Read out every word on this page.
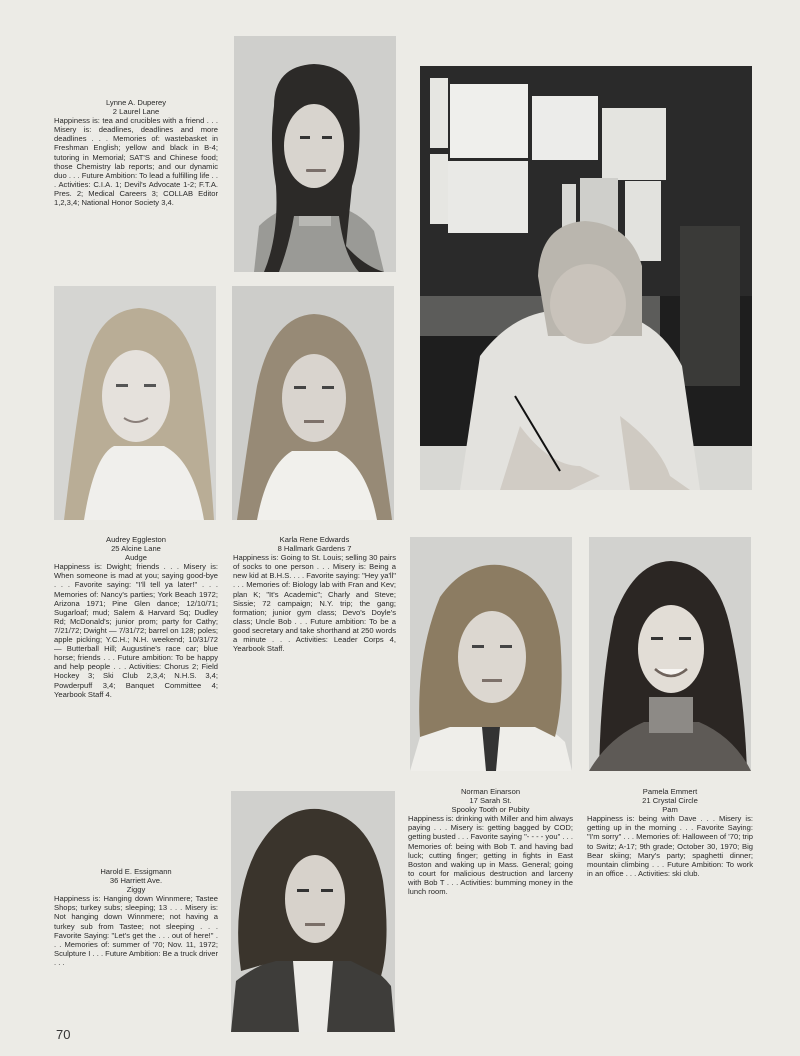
Lynne A. Duperey
2 Laurel Lane
Happiness is: tea and crucibles with a friend . . . Misery is: deadlines, deadlines and more deadlines . . . Memories of: wastebasket in Freshman English; yellow and black in B-4; tutoring in Memorial; SAT'S and Chinese food; those Chemistry lab reports; and our dynamic duo . . . Future Ambition: To lead a fulfilling life . . . Activities: C.I.A. 1; Devil's Advocate 1-2; F.T.A. Pres. 2; Medical Careers 3; COLLAB Editor 1,2,3,4; National Honor Society 3,4.
Audrey Eggleston
25 Alcine Lane
Audge
Happiness is: Dwight; friends . . . Misery is: When someone is mad at you; saying good-bye . . . Favorite saying: "I'll tell ya later!" . . . Memories of: Nancy's parties; York Beach 1972; Arizona 1971; Pine Glen dance; 12/10/71; Sugarloaf; mud; Salem & Harvard Sq; Dudley Rd; McDonald's; junior prom; party for Cathy; 7/21/72; Dwight — 7/31/72; barrel on 128; poles; apple picking; Y.C.H.; N.H. weekend; 10/31/72 — Butterball Hill; Augustine's race car; blue horse; friends . . . Future ambition: To be happy and help people . . . Activities: Chorus 2; Field Hockey 3; Ski Club 2,3,4; N.H.S. 3,4; Powderpuff 3,4; Banquet Committee 4; Yearbook Staff 4.
Karla Rene Edwards
8 Hallmark Gardens 7
Happiness is: Going to St. Louis; selling 30 pairs of socks to one person . . . Misery is: Being a new kid at B.H.S. . . . Favorite saying: "Hey ya'll" . . . Memories of: Biology lab with Fran and Kev; plan K; "It's Academic"; Charly and Steve; Sissie; 72 campaign; N.Y. trip; the gang; formation; junior gym class; Devo's Doyle's class; Uncle Bob . . . Future ambition: To be a good secretary and take shorthand at 250 words a minute . . . Activities: Leader Corps 4, Yearbook Staff.
Norman Einarson
17 Sarah St.
Spooky Tooth or Pubity
Happiness is: drinking with Miller and him always paying . . . Misery is: getting bagged by COD; getting busted . . . Favorite saying "- - - - you" . . . Memories of: being with Bob T. and having bad luck; cutting finger; getting in fights in East Boston and waking up in Mass. General; going to court for malicious destruction and larceny with Bob T . . . Activities: bumming money in the lunch room.
Pamela Emmert
21 Crystal Circle
Pam
Happiness is: being with Dave . . . Misery is: getting up in the morning . . . Favorite Saying: "I'm sorry" . . . Memories of: Halloween of '70; trip to Switz; A-17; 9th grade; October 30, 1970; Big Bear skiing; Mary's party; spaghetti dinner; mountain climbing . . . Future Ambition: To work in an office . . . Activities: ski club.
Harold E. Essigmann
36 Harriett Ave.
Ziggy
Happiness is: Hanging down Winnmere; Tastee Shops; turkey subs; sleeping; 13 . . . Misery is: Not hanging down Winnmere; not having a turkey sub from Tastee; not sleeping . . . Favorite Saying: "Let's get the . . . out of here!" . . . Memories of: summer of '70; Nov. 11, 1972; Sculpture I . . . Future Ambition: Be a truck driver . . .
70
